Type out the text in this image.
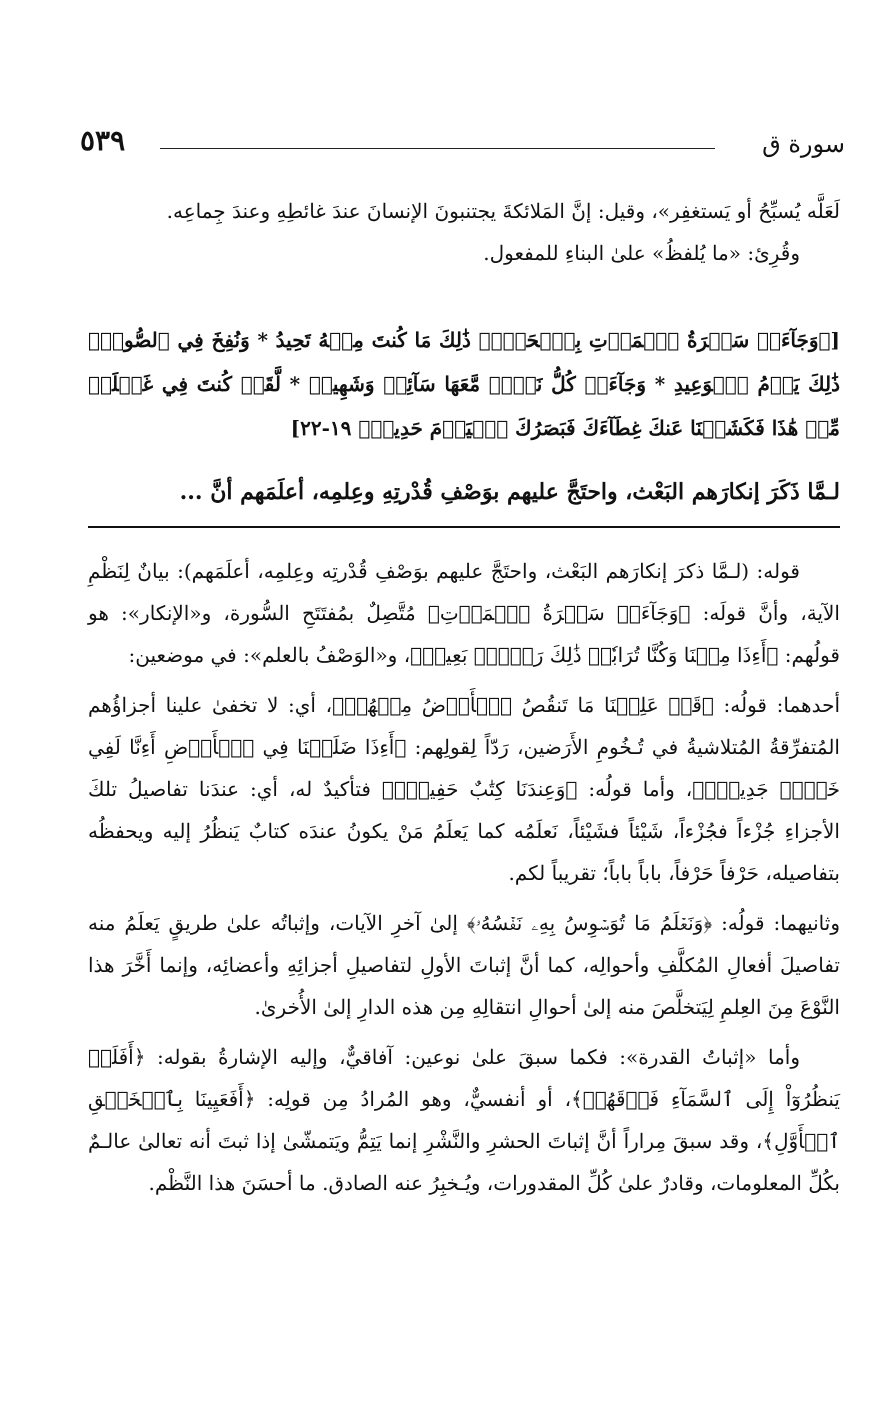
سورة ق
٥٣٩

لَعَلَّه يُسبِّحُ أو يَستغفِر»، وقيل: إنَّ المَلائكةَ يجتنبونَ الإنسانَ عندَ غائطِهِ وعندَ جِماعِه.

وقُرِئ: «ما يُلفظُ» علىٰ البناءِ للمفعول.

[﴿وَجَآءَتۡ سَكۡرَةُ ٱلۡمَوۡتِ بِٱلۡحَقِّۖ ذَٰلِكَ مَا كُنتَ مِنۡهُ تَحِيدُ * وَنُفِخَ فِي ٱلصُّورِۚ ذَٰلِكَ يَوۡمُ ٱلۡوَعِيدِ * وَجَآءَتۡ كُلُّ نَفۡسٖ مَّعَهَا سَآئِقٞ وَشَهِيدٞ * لَّقَدۡ كُنتَ فِي غَفۡلَةٖ مِّنۡ هَٰذَا فَكَشَفۡنَا عَنكَ غِطَآءَكَ فَبَصَرُكَ ٱلۡيَوۡمَ حَدِيدٞ﴾ ١٩-٢٢]

لـمَّا ذَكَرَ إنكارَهم البَعْث، واحتَجَّ عليهم بوَصْفِ قُدْرتِهِ وعِلمِه، أعلَمَهم أنَّ ...

قوله: (لـمَّا ذكرَ إنكارَهم البَعْث، واحتَجَّ عليهم بوَصْفِ قُدْرتِه وعِلمِه، أعلَمَهم): بيانٌ لِنَظْمِ الآية، وأنَّ قولَه: ﴿وَجَآءَتۡ سَكۡرَةُ ٱلۡمَوۡتِ﴾ مُتَّصِلٌ بمُفتَتَحِ السُّورة، و«الإنكار»: هو قولُهم: ﴿أَءِذَا مِتۡنَا وَكُنَّا تُرَابٗاۖ ذَٰلِكَ رَجۡعُۢ بَعِيدٞ﴾، و«الوَصْفُ بالعلم»: في موضعين:

أحدهما: قولُه: ﴿قَدۡ عَلِمۡنَا مَا تَنقُصُ ٱلۡأَرۡضُ مِنۡهُمۡ﴾، أي: لا تخفىٰ علينا أجزاؤُهم المُتفرِّقةُ المُتلاشيةُ في تُـخُومِ الأَرَضين، رَدّاً لِقولِهم: ﴿أَءِذَا ضَلَلۡنَا فِي ٱلۡأَرۡضِ أَءِنَّا لَفِي خَلۡقٖ جَدِيدِۭ﴾، وأما قولُه: ﴿وَعِندَنَا كِتَٰبٌ حَفِيظُۢ﴾ فتأكيدٌ له، أي: عندَنا تفاصيلُ تلكَ الأجزاءِ جُزْءاً فجُزْءاً، شَيْئاً فشَيْئاً، نَعلَمُه كما يَعلَمُ مَنْ يكونُ عندَه كتابٌ يَنظُرُ إليه ويحفظُه بتفاصيله، حَرْفاً حَرْفاً، باباً باباً؛ تقريباً لكم.

وثانيهما: قولُه: ﴿وَنَعۡلَمُ مَا تُوَسۡوِسُ بِهِۦ نَفۡسُهُۥ﴾ إلىٰ آخرِ الآيات، وإثباتُه علىٰ طريقٍ يَعلَمُ منه تفاصيلَ أفعالِ المُكلَّفِ وأحوالِه، كما أنَّ إثباتَ الأولِ لتفاصيلِ أجزائِهِ وأعضائِه، وإنما أَخَّرَ هذا النَّوْعَ مِنَ العِلمِ لِيَتخلَّصَ منه إلىٰ أحوالِ انتقالِهِ مِن هذه الدارِ إلىٰ الأُخرىٰ.

وأما «إثباتُ القدرة»: فكما سبقَ علىٰ نوعين: آفاقيٌّ، وإليه الإشارةُ بقوله: ﴿أَفَلَمۡ يَنظُرُوٓاْ إِلَى ٱلسَّمَآءِ فَوۡقَهُمۡ﴾، أو أنفسيٌّ، وهو المُرادُ مِن قولِه: ﴿أَفَعَيِينَا بِٱلۡخَلۡقِ ٱلۡأَوَّلِ﴾، وقد سبقَ مِراراً أنَّ إثباتَ الحشرِ والنَّشْرِ إنما يَتِمُّ ويَتمشّىٰ إذا ثبتَ أنه تعالىٰ عالـمٌ بكُلِّ المعلومات، وقادرٌ علىٰ كُلِّ المقدورات، ويُـخبِرُ عنه الصادق. ما أحسَنَ هذا النَّظْم.
